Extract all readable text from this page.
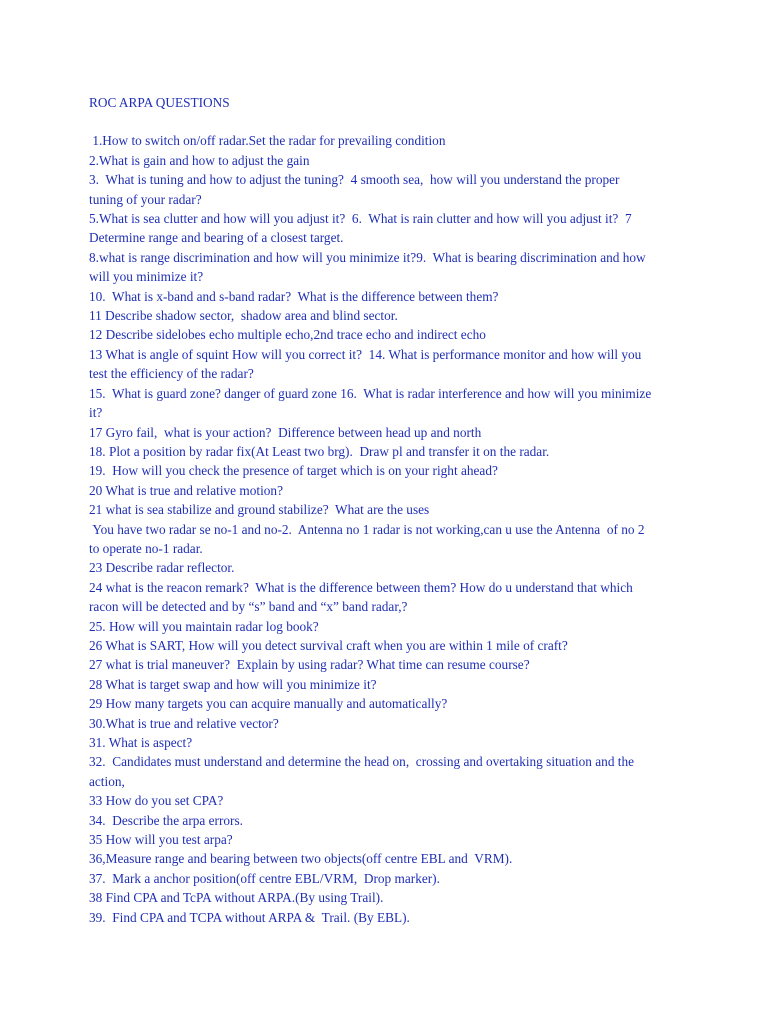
ROC ARPA QUESTIONS
1.How to switch on/off radar.Set the radar for prevailing condition
2.What is gain and how to adjust the gain
3.  What is tuning and how to adjust the tuning?  4 smooth sea,  how will you understand the proper
tuning of your radar?
5.What is sea clutter and how will you adjust it?  6.  What is rain clutter and how will you adjust it?  7
Determine range and bearing of a closest target.
8.what is range discrimination and how will you minimize it?9.  What is bearing discrimination and how
will you minimize it?
10.  What is x-band and s-band radar?  What is the difference between them?
11 Describe shadow sector,  shadow area and blind sector.
12 Describe sidelobes echo multiple echo,2nd trace echo and indirect echo
13 What is angle of squint How will you correct it?  14. What is performance monitor and how will you
test the efficiency of the radar?
15.  What is guard zone? danger of guard zone 16.  What is radar interference and how will you minimize
it?
17 Gyro fail,  what is your action?  Difference between head up and north
18. Plot a position by radar fix(At Least two brg).  Draw pl and transfer it on the radar.
19.  How will you check the presence of target which is on your right ahead?
20 What is true and relative motion?
21 what is sea stabilize and ground stabilize?  What are the uses
You have two radar se no-1 and no-2.  Antenna no 1 radar is not working,can u use the Antenna  of no 2
to operate no-1 radar.
23 Describe radar reflector.
24 what is the reacon remark?  What is the difference between them? How do u understand that which
racon will be detected and by “s” band and “x” band radar,?
25. How will you maintain radar log book?
26 What is SART, How will you detect survival craft when you are within 1 mile of craft?
27 what is trial maneuver?  Explain by using radar? What time can resume course?
28 What is target swap and how will you minimize it?
29 How many targets you can acquire manually and automatically?
30.What is true and relative vector?
31. What is aspect?
32.  Candidates must understand and determine the head on,  crossing and overtaking situation and the
action,
33 How do you set CPA?
34.  Describe the arpa errors.
35 How will you test arpa?
36,Measure range and bearing between two objects(off centre EBL and  VRM).
37.  Mark a anchor position(off centre EBL/VRM,  Drop marker).
38 Find CPA and TcPA without ARPA.(By using Trail).
39.  Find CPA and TCPA without ARPA &  Trail. (By EBL).
